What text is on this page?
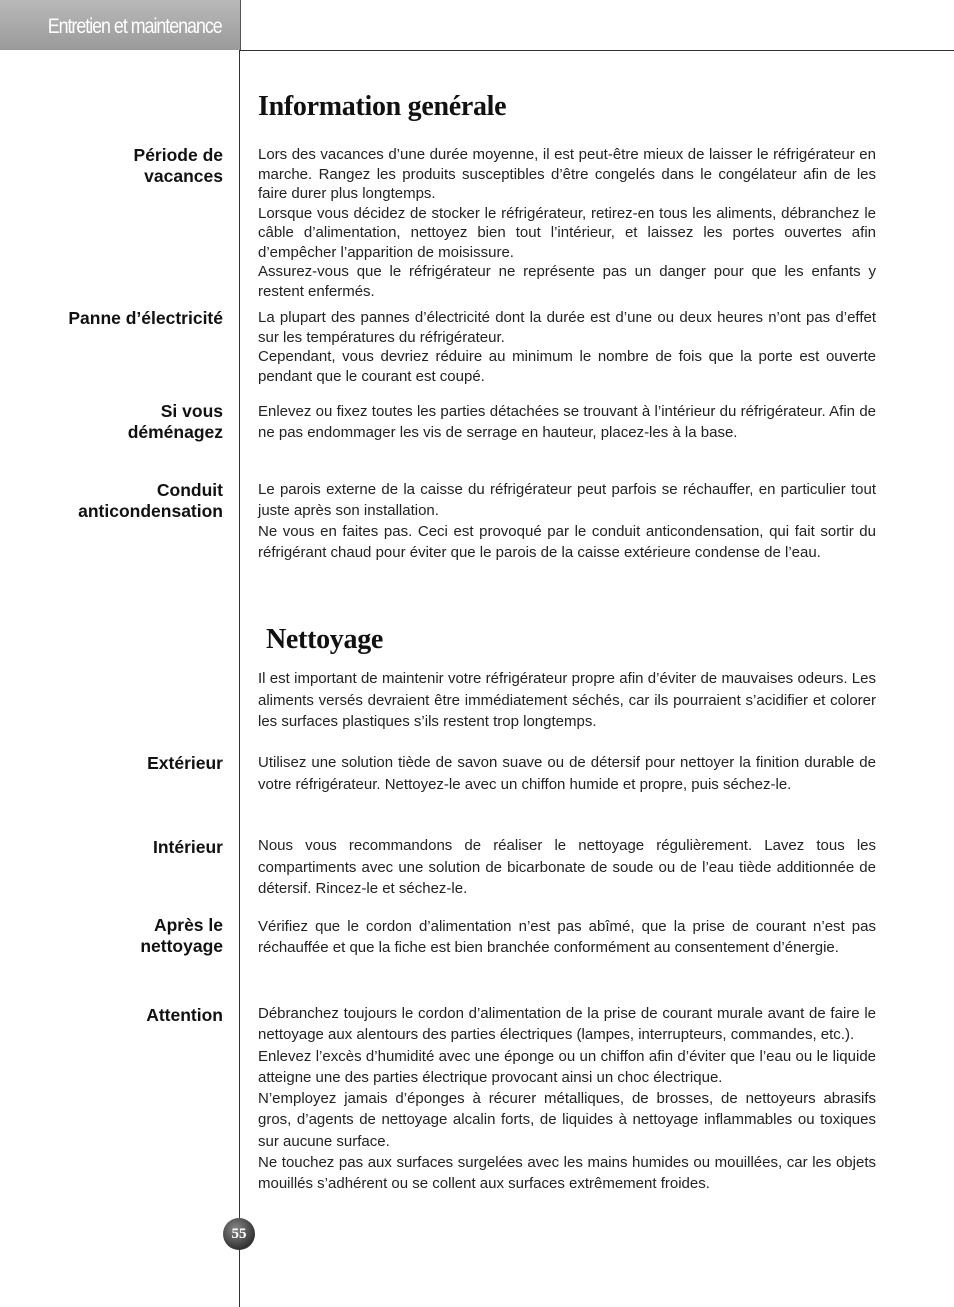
Entretien et maintenance
Information genérale
Période de
vacances

Lors des vacances d’une durée moyenne, il est peut-être mieux de laisser le réfrigérateur en marche. Rangez les produits susceptibles d’être congelés dans le congélateur afin de les faire durer plus longtemps.

Lorsque vous décidez de stocker le réfrigérateur, retirez-en tous les aliments, débranchez le câble d’alimentation, nettoyez bien tout l’intérieur, et laissez les portes ouvertes afin d’empêcher l’apparition de moisissure.

Assurez-vous que le réfrigérateur ne représente pas un danger pour que les enfants y restent enfermés.

Panne d’électricité La plupart des pannes d’électricité dont la durée est d’une ou deux heures n’ont pas d’effet sur les températures du réfrigérateur.

Cependant, vous devriez réduire au minimum le nombre de fois que la porte est ouverte pendant que le courant est coupé.

Si vous
déménagez

Enlevez ou fixez toutes les parties détachées se trouvant à l’intérieur du réfrigérateur. Afin de ne pas endommager les vis de serrage en hauteur, placez-les à la base.

Conduit
anticondensation

Le parois externe de la caisse du réfrigérateur peut parfois se réchauffer, en particulier tout juste après son installation.

Ne vous en faites pas. Ceci est provoqué par le conduit anticondensation, qui fait sortir du réfrigérant chaud pour éviter que le parois de la caisse extérieure condense de l’eau.

Nettoyage

Il est important de maintenir votre réfrigérateur propre afin d’éviter de mauvaises odeurs. Les aliments versés devraient être immédiatement séchés, car ils pourraient s’acidifier et colorer les surfaces plastiques s’ils restent trop longtemps.

Extérieur Utilisez une solution tiède de savon suave ou de détersif pour nettoyer la finition durable de votre réfrigérateur. Nettoyez-le avec un chiffon humide et propre, puis séchez-le.

Intérieur Nous vous recommandons de réaliser le nettoyage régulièrement. Lavez tous les compartiments avec une solution de bicarbonate de soude ou de l’eau tiède additionnée de détersif. Rincez-le et séchez-le.

Après le
nettoyage

Vérifiez que le cordon d’alimentation n’est pas abîmé, que la prise de courant n’est pas réchauffée et que la fiche est bien branchée conformément au consentement d’énergie.

Attention Débranchez toujours le cordon d’alimentation de la prise de courant murale avant de faire le nettoyage aux alentours des parties électriques (lampes, interrupteurs, commandes, etc.).

Enlevez l’excès d’humidité avec une éponge ou un chiffon afin d’éviter que l’eau ou le liquide atteigne une des parties électrique provocant ainsi un choc électrique.

N’employez jamais d’éponges à récurer métalliques, de brosses, de nettoyeurs abrasifs gros, d’agents de nettoyage alcalin forts, de liquides à nettoyage inflammables ou toxiques sur aucune surface.

Ne touchez pas aux surfaces surgelées avec les mains humides ou mouillées, car les objets mouillés s’adhérent ou se collent aux surfaces extrêmement froides.

55
